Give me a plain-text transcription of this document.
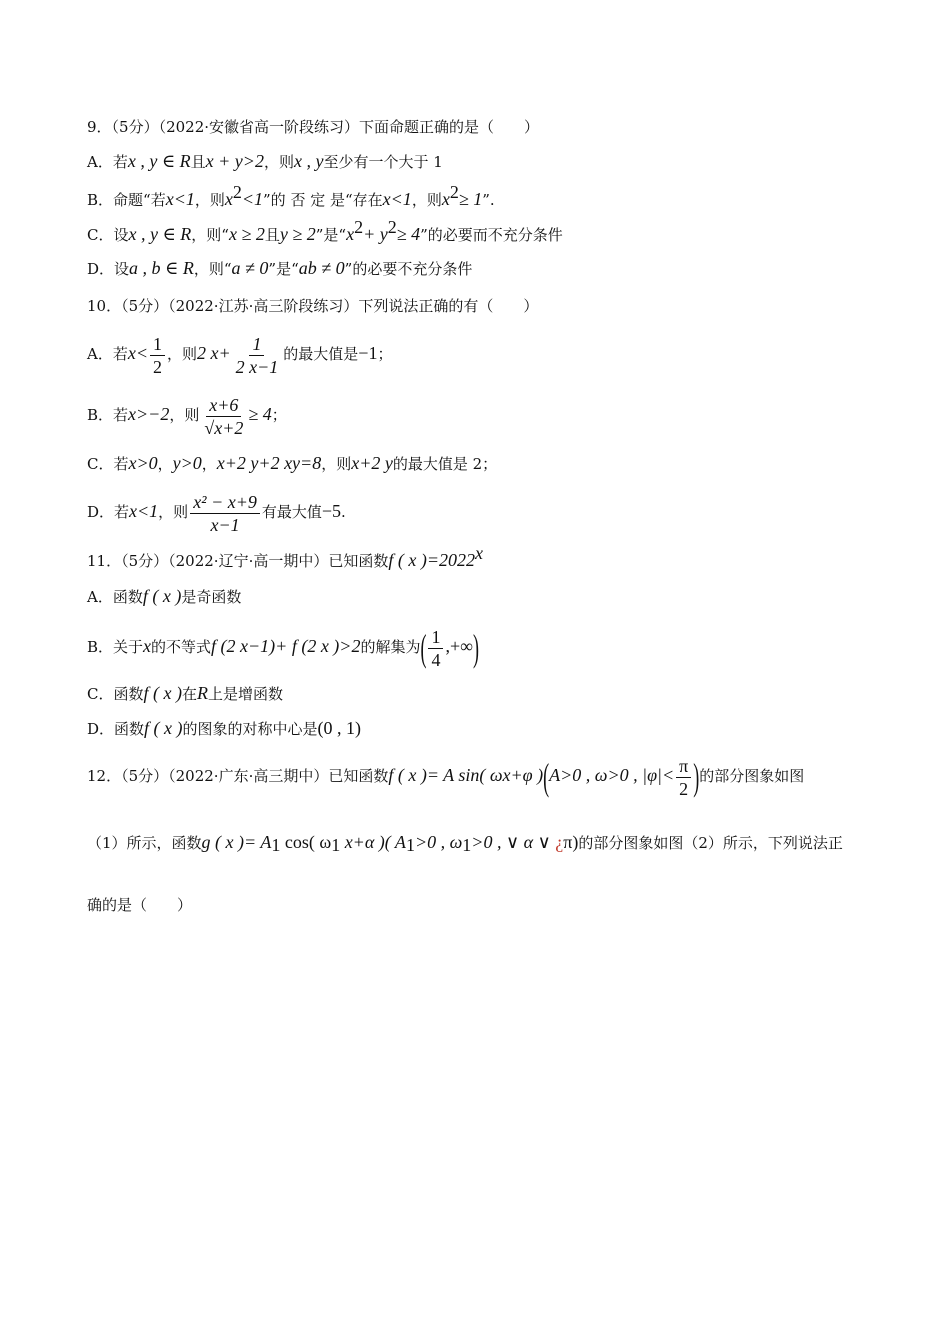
9．（5分）（2022·安徽省高一阶段练习）下面命题正确的是（　　）
A．若x , y ∈ R且x + y>2，则x , y至少有一个大于 1
B．命题“若x<1，则$x^2<1$”的 否 定 是“存在x<1，则$x^2\ge 1$”.
C．设x , y ∈ R，则“x ≥ 2且y ≥ 2”是“$x^2+ y^2\ge 4$”的必要而不充分条件
D．设a , b ∈ R，则“a ≠ 0”是“ab ≠ 0”的必要不充分条件
10．（5分）（2022·江苏·高三阶段练习）下列说法正确的有（　　）
A．若$x< \frac{1}{2}$ ，则2 $x+ \frac{1}{2 x-1}$ 的最大值是−1；
B．若x>−2，则 $\frac{x+6}{√x+2} \ge 4$；
C．若x>0，y>0，x+2 y+2 xy=8，则x+2 y的最大值是 2；
D．若x<1，则 $\frac{\text{x² − x+9}}{x-1}$ 有最大值−5.
11．（5分）（2022·辽宁·高一期中）已知函数f ( x )$=2022^x$
A．函数f ( x )是奇函数
B．关于x的不等式f (2 x−1)+ f (2 x )>2的解集为( $\frac{1}{4}$ ,+∞)
C．函数f ( x )在R上是增函数
D．函数f ( x )的图象的对称中心是(0 , 1)
12．（5分）（2022·广东·高三期中）已知函数f ( x )= A sin( ωx+φ )(A>0 , ω>0 , $|\varphi|< \frac{\pi}{2}$ )的部分图象如图
（1）所示，函数g ( x )= $A_1$ cos( $\omega_1$ x+α )( $A_1>0$ , $\omega_1>0$ , ∨ α ∨ ¿π)的部分图象如图（2）所示，下列说法正
确的是（　　）
